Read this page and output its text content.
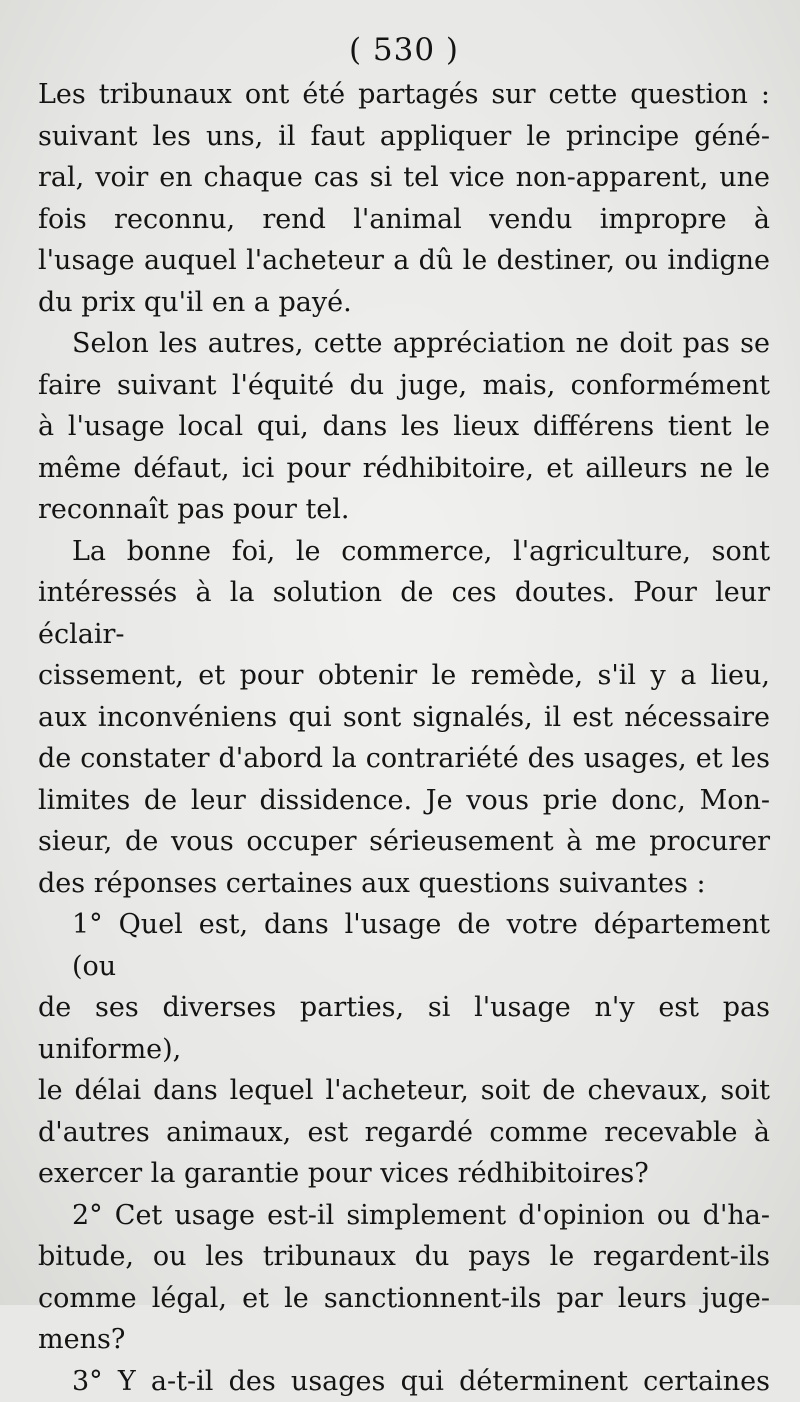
( 530 )
Les tribunaux ont été partagés sur cette question :
suivant les uns, il faut appliquer le principe géné-
ral, voir en chaque cas si tel vice non-apparent, une
fois reconnu, rend l'animal vendu impropre à
l'usage auquel l'acheteur a dû le destiner, ou indigne
du prix qu'il en a payé.
Selon les autres, cette appréciation ne doit pas se
faire suivant l'équité du juge, mais, conformément
à l'usage local qui, dans les lieux différens tient le
même défaut, ici pour rédhibitoire, et ailleurs ne le
reconnaît pas pour tel.
La bonne foi, le commerce, l'agriculture, sont
intéressés à la solution de ces doutes. Pour leur éclair-
cissement, et pour obtenir le remède, s'il y a lieu,
aux inconvéniens qui sont signalés, il est nécessaire
de constater d'abord la contrariété des usages, et les
limites de leur dissidence. Je vous prie donc, Mon-
sieur, de vous occuper sérieusement à me procurer
des réponses certaines aux questions suivantes :
1° Quel est, dans l'usage de votre département (ou
de ses diverses parties, si l'usage n'y est pas uniforme),
le délai dans lequel l'acheteur, soit de chevaux, soit
d'autres animaux, est regardé comme recevable à
exercer la garantie pour vices rédhibitoires?
2° Cet usage est-il simplement d'opinion ou d'ha-
bitude, ou les tribunaux du pays le regardent-ils
comme légal, et le sanctionnent-ils par leurs juge-
mens?
3° Y a-t-il des usages qui déterminent certaines
